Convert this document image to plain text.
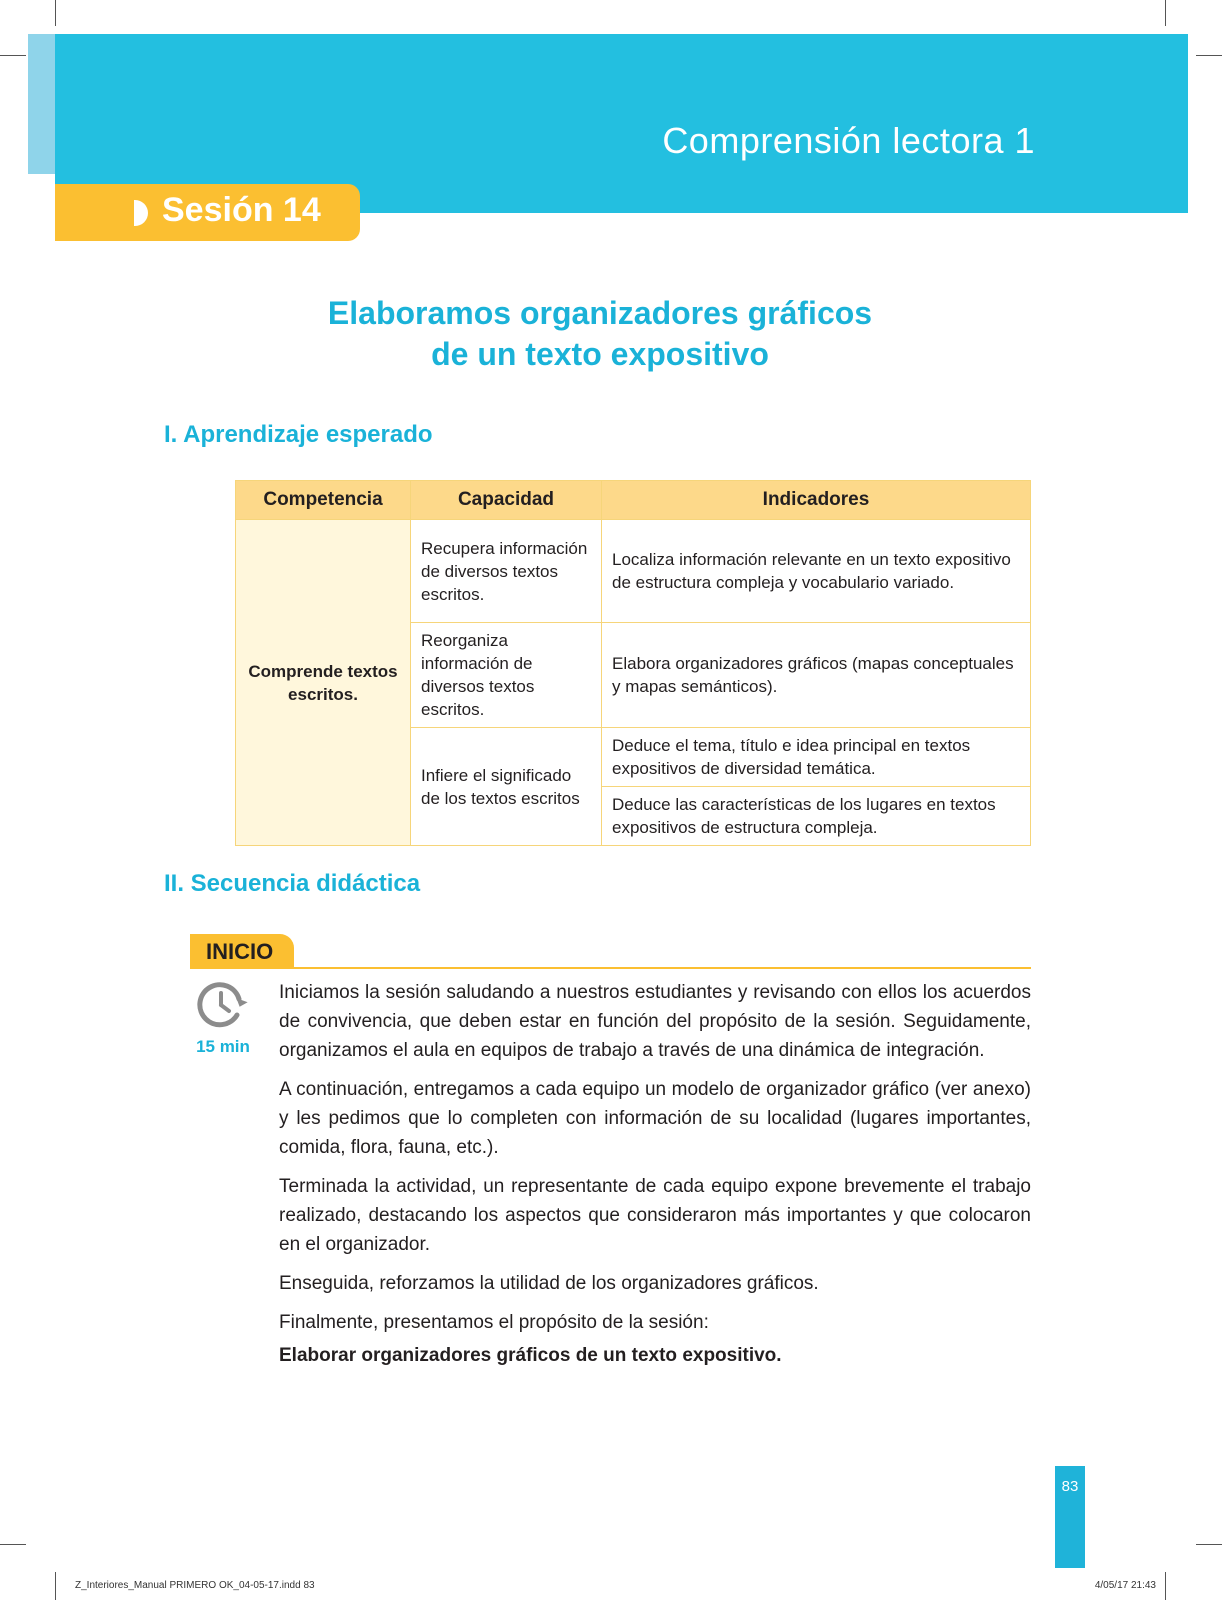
Comprensión lectora 1
Sesión 14
Elaboramos organizadores gráficos
de un texto expositivo
I. Aprendizaje esperado
Competencia	Capacidad	Indicadores
Comprende textos escritos.	Recupera información de diversos textos escritos.	Localiza información relevante en un texto expositivo de estructura compleja y vocabulario variado.
	Reorganiza información de diversos textos escritos.	Elabora organizadores gráficos (mapas conceptuales y mapas semánticos).
	Infiere el significado de los textos escritos	Deduce el tema, título e idea principal en textos expositivos de diversidad temática.
		Deduce las características de los lugares en textos expositivos de estructura compleja.
II. Secuencia didáctica
INICIO
15 min

Iniciamos la sesión saludando a nuestros estudiantes y revisando con ellos los acuerdos de convivencia, que deben estar en función del propósito de la sesión. Seguidamente, organizamos el aula en equipos de trabajo a través de una dinámica de integración.

A continuación, entregamos a cada equipo un modelo de organizador gráfico (ver anexo) y les pedimos que lo completen con información de su localidad (lugares importantes, comida, flora, fauna, etc.).

Terminada la actividad, un representante de cada equipo expone brevemente el trabajo realizado, destacando los aspectos que consideraron más importantes y que colocaron en el organizador.

Enseguida, reforzamos la utilidad de los organizadores gráficos.

Finalmente, presentamos el propósito de la sesión:

Elaborar organizadores gráficos de un texto expositivo.

83
Z_Interiores_Manual PRIMERO OK_04-05-17.indd 83	4/05/17 21:43
